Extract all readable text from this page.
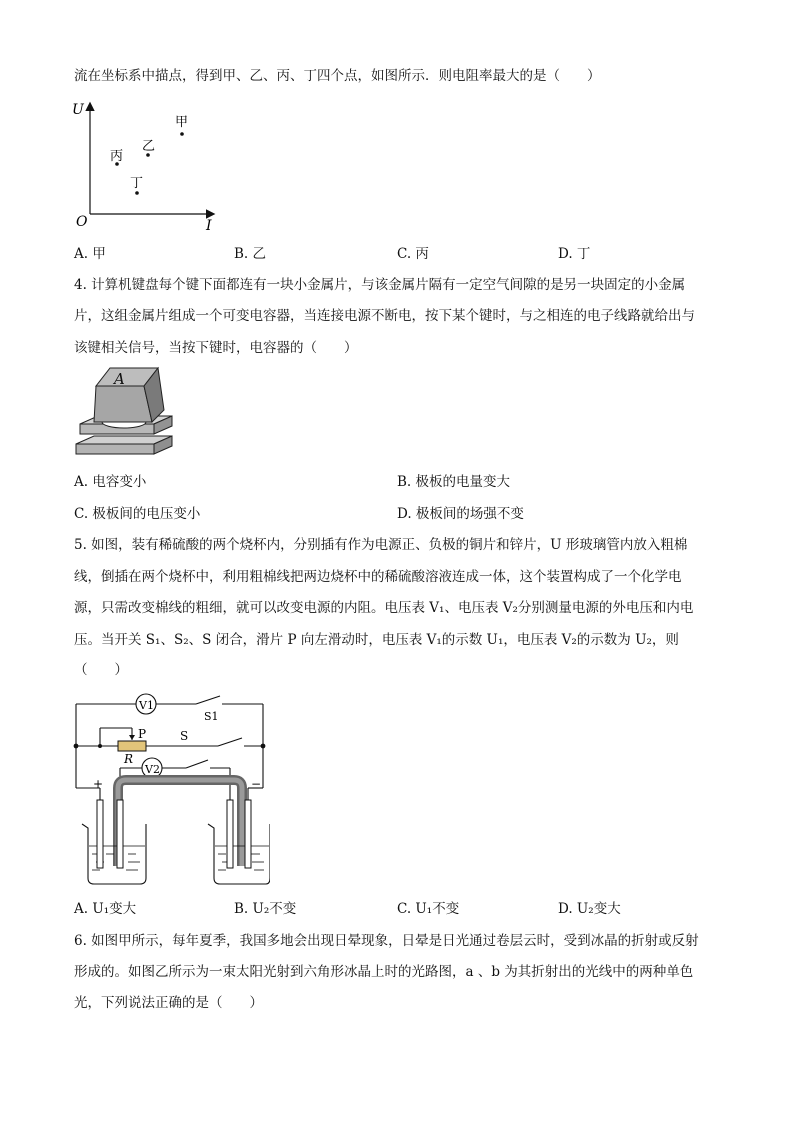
流在坐标系中描点，得到甲、乙、丙、丁四个点，如图所示．则电阻率最大的是（　　）
U
I
O
甲
乙
丙
丁
A. 甲	B. 乙	C. 丙	D. 丁
4. 计算机键盘每个键下面都连有一块小金属片，与该金属片隔有一定空气间隙的是另一块固定的小金属
片，这组金属片组成一个可变电容器，当连接电源不断电，按下某个键时，与之相连的电子线路就给出与
该键相关信号，当按下键时，电容器的（　　）
A
A. 电容变小	B. 极板的电量变大
C. 极板间的电压变小	D. 极板间的场强不变
5. 如图，装有稀硫酸的两个烧杯内，分别插有作为电源正、负极的铜片和锌片，U 形玻璃管内放入粗棉
线，倒插在两个烧杯中，利用粗棉线把两边烧杯中的稀硫酸溶液连成一体，这个装置构成了一个化学电
源，只需改变棉线的粗细，就可以改变电源的内阻。电压表 V₁、电压表 V₂分别测量电源的外电压和内电
压。当开关 S₁、S₂、S 闭合，滑片 P 向左滑动时，电压表 V₁的示数 U₁，电压表 V₂的示数为 U₂，则
（　　）
V1
V2
P
R
S1
S
S2
+	−
A. U₁变大	B. U₂不变	C. U₁不变	D. U₂变大
6. 如图甲所示，每年夏季，我国多地会出现日晕现象，日晕是日光通过卷层云时，受到冰晶的折射或反射
形成的。如图乙所示为一束太阳光射到六角形冰晶上时的光路图，a 、b 为其折射出的光线中的两种单色
光，下列说法正确的是（　　）
